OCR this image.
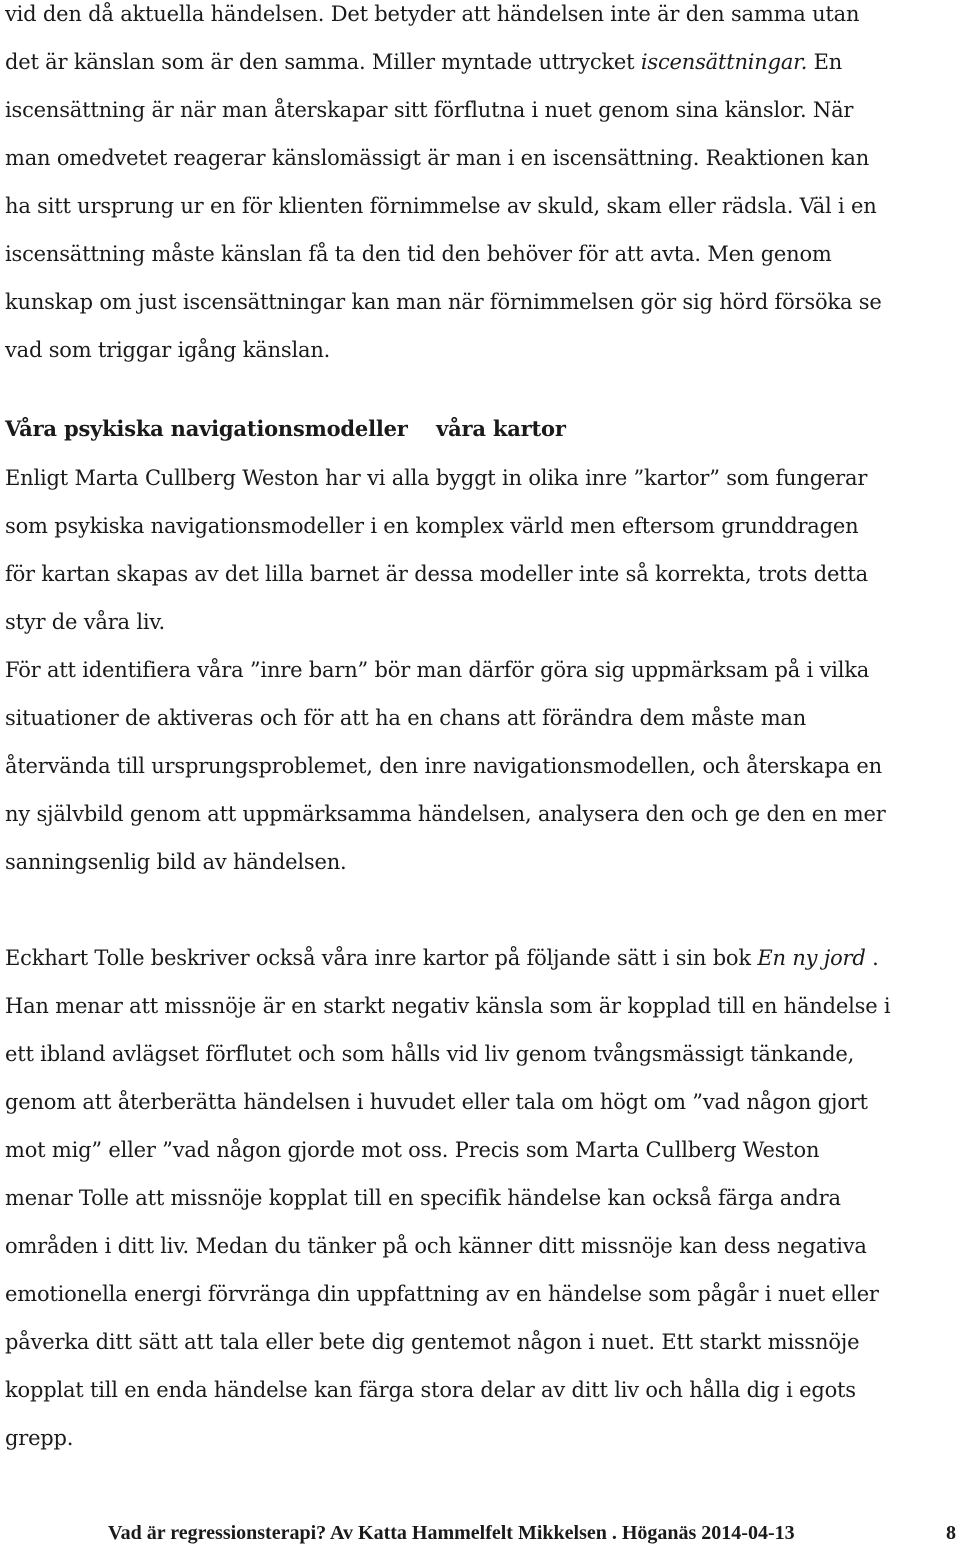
vid den då aktuella händelsen. Det betyder att händelsen inte är den samma utan

det är känslan som är den samma. Miller myntade uttrycket iscensättningar. En

iscensättning är när man återskapar sitt förflutna i nuet genom sina känslor. När

man omedvetet reagerar känslomässigt är man i en iscensättning. Reaktionen kan

ha sitt ursprung ur en för klienten förnimmelse av skuld, skam eller rädsla. Väl i en

iscensättning måste känslan få ta den tid den behöver för att avta. Men genom

kunskap om just iscensättningar kan man när förnimmelsen gör sig hörd försöka se

vad som triggar igång känslan.

Våra psykiska navigationsmodeller    våra kartor

Enligt Marta Cullberg Weston har vi alla byggt in olika inre ”kartor” som fungerar

som psykiska navigationsmodeller i en komplex värld men eftersom grunddragen

för kartan skapas av det lilla barnet är dessa modeller inte så korrekta, trots detta

styr de våra liv.

För att identifiera våra ”inre barn” bör man därför göra sig uppmärksam på i vilka

situationer de aktiveras och för att ha en chans att förändra dem måste man

återvända till ursprungsproblemet, den inre navigationsmodellen, och återskapa en

ny självbild genom att uppmärksamma händelsen, analysera den och ge den en mer

sanningsenlig bild av händelsen.

Eckhart Tolle beskriver också våra inre kartor på följande sätt i sin bok En ny jord .

Han menar att missnöje är en starkt negativ känsla som är kopplad till en händelse i

ett ibland avlägset förflutet och som hålls vid liv genom tvångsmässigt tänkande,

genom att återberätta händelsen i huvudet eller tala om högt om ”vad någon gjort

mot mig” eller ”vad någon gjorde mot oss. Precis som Marta Cullberg Weston

menar Tolle att missnöje kopplat till en specifik händelse kan också färga andra

områden i ditt liv. Medan du tänker på och känner ditt missnöje kan dess negativa

emotionella energi förvränga din uppfattning av en händelse som pågår i nuet eller

påverka ditt sätt att tala eller bete dig gentemot någon i nuet. Ett starkt missnöje

kopplat till en enda händelse kan färga stora delar av ditt liv och hålla dig i egots

grepp.

Vad är regressionsterapi? Av Katta Hammelfelt Mikkelsen . Höganäs 2014-04-13	8
